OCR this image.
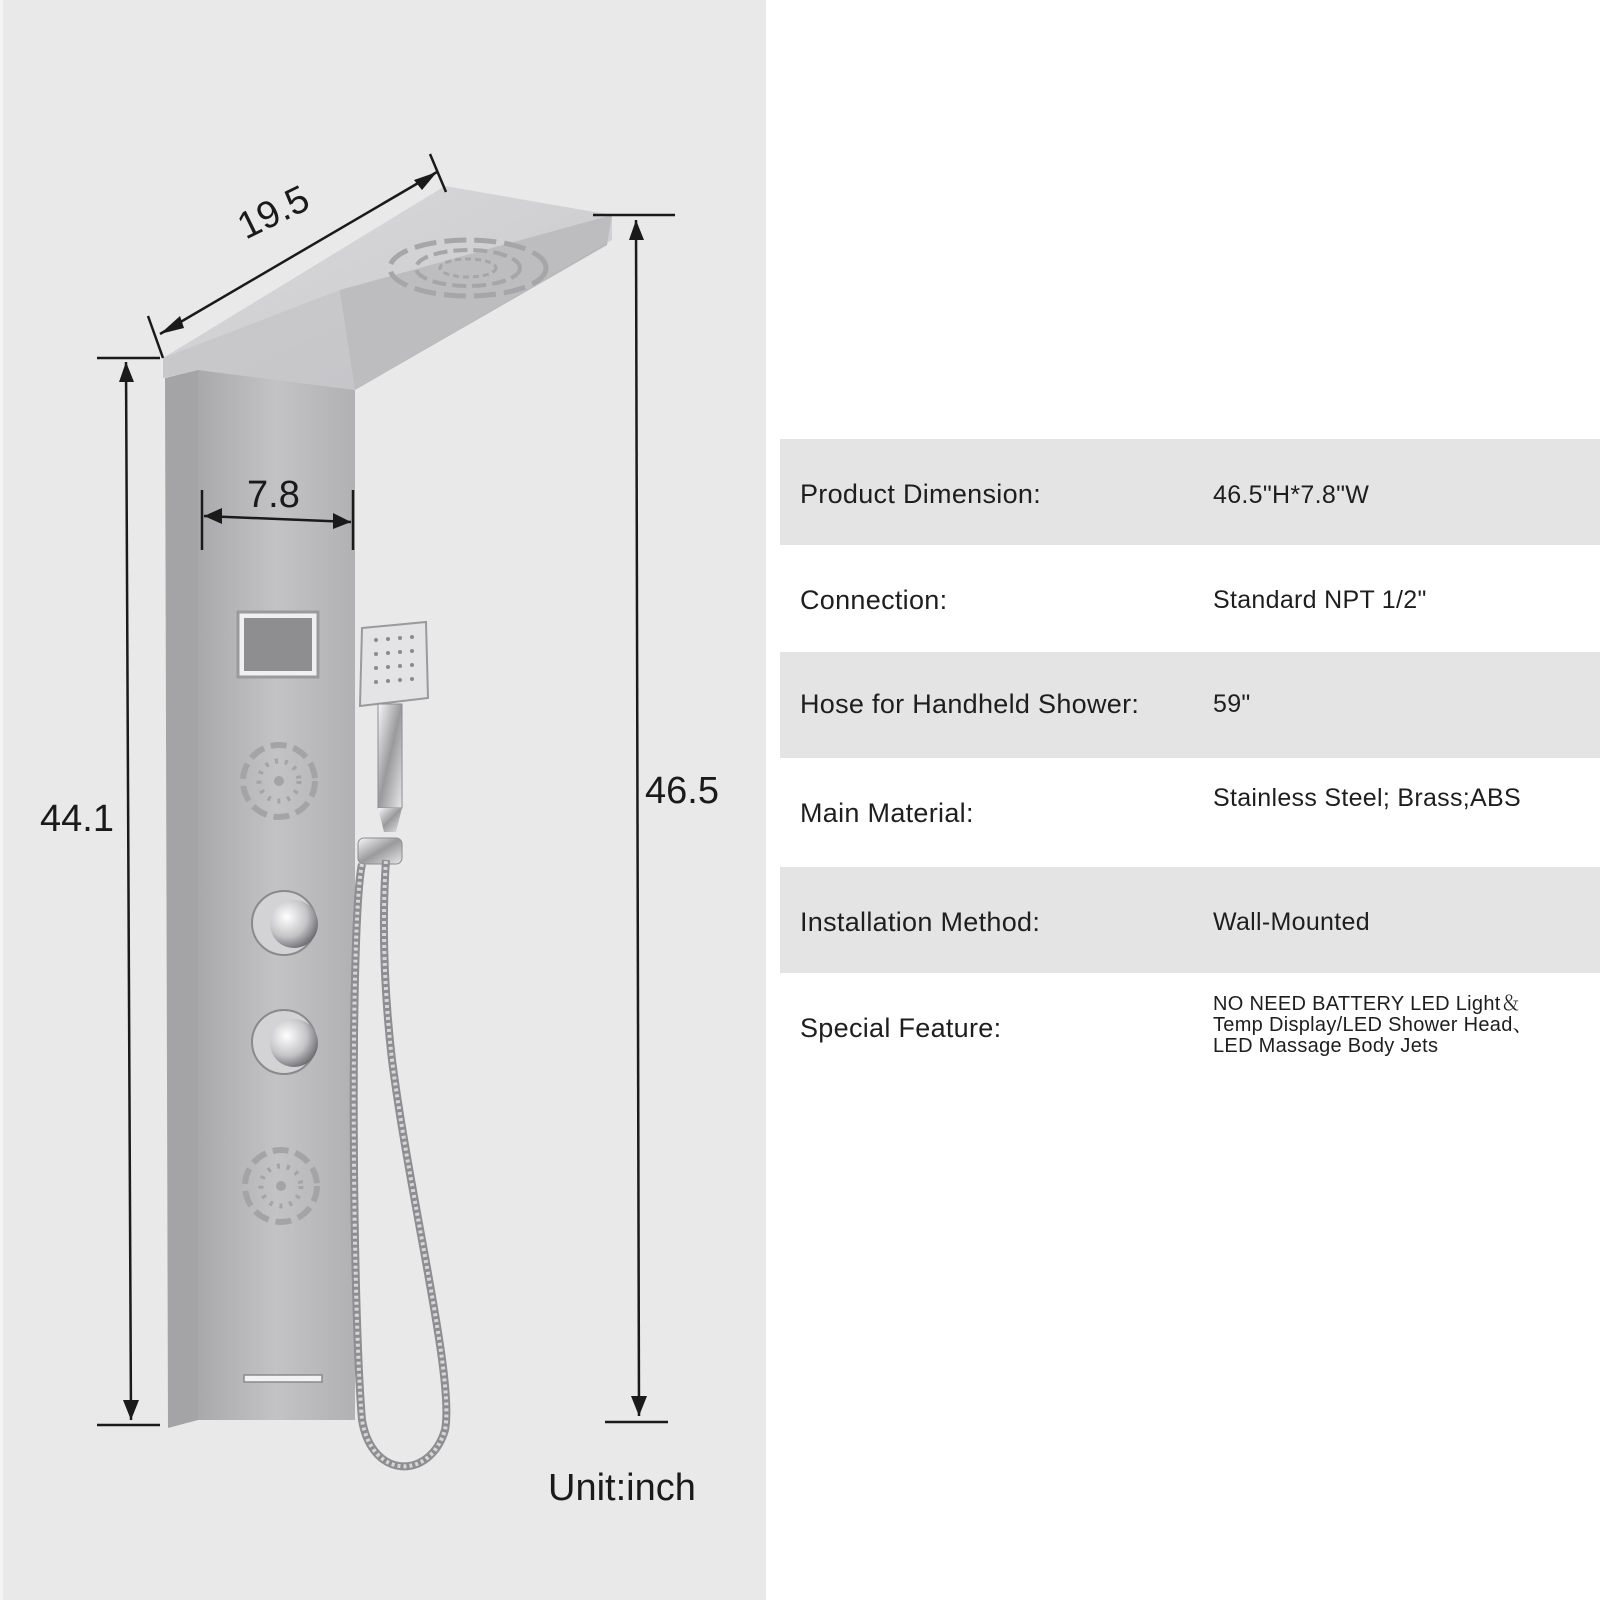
19.5
7.8
44.1
46.5
Unit:inch
Product Dimension:	46.5"H*7.8"W
Connection:	Standard NPT 1/2"
Hose for Handheld Shower:	59"
Main Material:	Stainless Steel; Brass;ABS
Installation Method:	Wall-Mounted
Special Feature:
NO NEED BATTERY LED Light＆Temp Display/LED Shower Head、LED Massage Body Jets
